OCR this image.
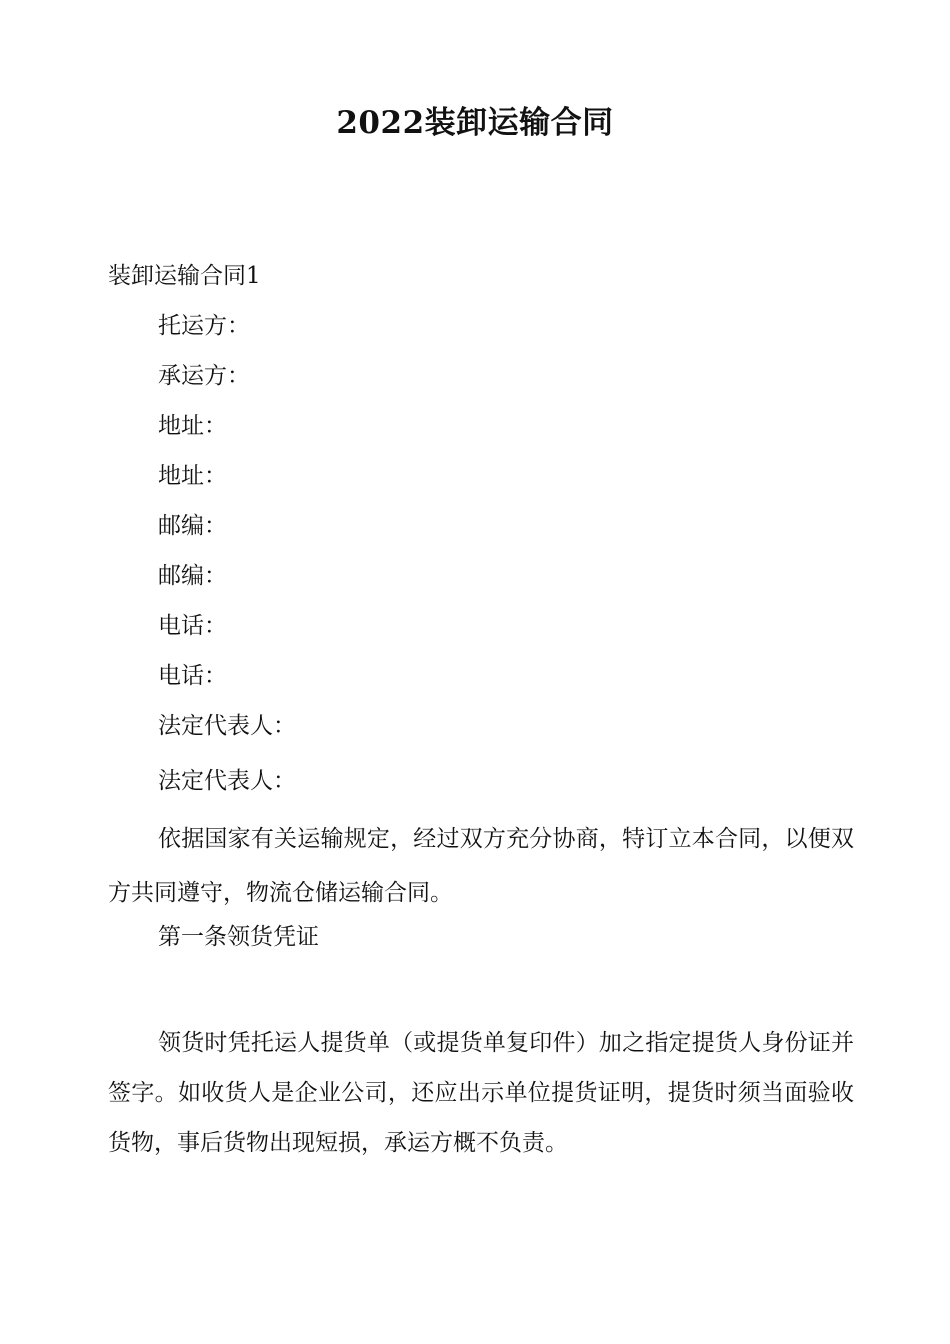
2022装卸运输合同
装卸运输合同1
托运方：
承运方：
地址：
地址：
邮编：
邮编：
电话：
电话：
法定代表人：
法定代表人：
依据国家有关运输规定，经过双方充分协商，特订立本合同，以便双方共同遵守，物流仓储运输合同。
第一条领货凭证
领货时凭托运人提货单（或提货单复印件）加之指定提货人身份证并签字。如收货人是企业公司，还应出示单位提货证明，提货时须当面验收货物，事后货物出现短损，承运方概不负责。
